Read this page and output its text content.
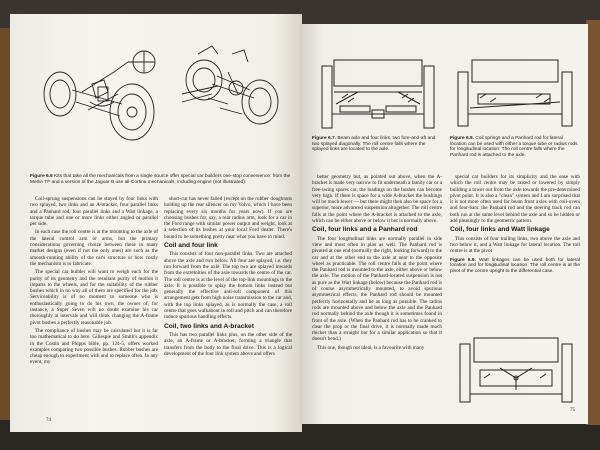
Figure 6.6 Kits that take all the mechanicals from a single source offer special car builders one-stop convenience: from the Merlin TF and a version of the Jaguar B use all-Cortina mechanicals, including engine (not illustrated).

Coil-sprung suspensions can be stayed by four links with two splayed, two links and an A-bracket, four parallel links and a Panhard rod, four parallel links and a Watt linkage, a torque tube and one or more links either angled or parallel per side.

In each case the roll centre is at the mounting to the axle of the lateral control arm or arms, but the primary considerations governing choice between these in many market designs (even if not the only ones) are such as the smooth-running ability of the car's structure or how costly the mechanism is to fabricate.

The special car builder will want to weigh each for the purity of its geometry and the resultant purity of motion it imparts to the wheels, and for the suitability of the rubber bushes which in no way all of them are specified for the job. Serviceability is of no moment to someone who is enthusiastically going to do his own, the owner of, for instance, a Super Seven will no doubt examine his car thoroughly at intervals and will think changing the A-frame pivot bushes a perfectly reasonable job.

The compliance of bushes may be calculated but it is far too mathematical to do here. Gillespie and Smith's appendix in the Costin and Phipps bible, pp. 124-5, offers worked examples comparing two possible bushes. Rubber bushes are cheap enough to experiment with and to replace often. In any event, my

short-cut has never failed (except on the rubber doughnuts holding up the rear silencer on my Volvo, which I have been replacing every six months for years now). If you are choosing bushes for, say, a rear radius arm, look for a car in the Ford range with similar power output and weight, look at a selection of its bushes at your local Ford dealer. There's bound to be something pretty near what you have in mind.

Coil and four link

This consists of four non-parallel links. Two are attached above the axle and two below. All four are splayed, i.e. they run forward from the axle. The top two are splayed inwards from the extremities of the axle towards the centre of the car. The roll centre is at the level of the top-link mountings to the axle. It is possible to splay the bottom links instead but generally the effective anti-roll component of this arrangement gets from high noise transmission to the car and, with the top links splayed, as is normally the case, a roll centre that goes walkabout in roll and pitch and can therefore induce spurious handling effects.

Coil, two links and A-bracket

This has two parallel links plus, on the other side of the axle, an A-frame or A-bracket, forming a triangle that transfers from the body to the final drive. This is a logical development of the four link system above and offers

74
Figure 6.7. Beam axle and four links, two fore-and-aft and two splayed diagonally. The roll centre falls where the splayed links are located to the axle.
Figure 6.8. Coil springs and a Panhard rod for lateral location can be used with either a torque tube or radius rods for longitudinal location. The roll centre falls where the Panhard rod is attached to the axle.

better geometry but, as pointed out above, when the A-bracket is made very narrow to fit underneath a family car or a free-swing spares car, the loadings on the bushes can become very high. If there is space for a wide A-bracket the bushings will be much lower — but there might then also be space for a superior, more advanced suspension altogether. The roll centre falls at the point where the A-bracket is attached to the axle, which can be either above or below it but is normally above.

Coil, four links and a Panhard rod

The four longitudinal links are normally parallel in side view and most often in plan as well. The Panhard rod is pivoted at one end (normally the right, looking forward) to the car and at the other end to the axle at near to the opposite wheel as practicable. The roll centre falls at the point where the Panhard rod is mounted to the axle, either above or below the axle. The motion of the Panhard-located suspension is not as pure as the Watt linkage (below) because the Panhard rod is of course asymmetrically mounted, to avoid spurious asymmetrical effects, the Panhard rod should be mounted perfectly horizontally and be as long as possible. The radius rods are mounted above and below the axle and the Panhard rod normally behind the axle though it is sometimes found in front of the axle. (When the Panhard rod has to be cranked to clear the prop or the final drive, it is normally made much thicker than a straight bar for a similar application so that it doesn't bend.)

This one, though not ideal, is a favourite with many

special car builders for its simplicity and the ease with which the roll centre may be raised or lowered by simply building a tower out from the axle towards the pre-determined pivot point. It is also a "clean" system and I am surprised that it is not more often used for beam front axles with coil-overs and four-bars: the Panhard rod and the steering track rod can both run at the same level behind the axle and so be hidden or add pleasingly to the geometric pattern.

Coil, four links and Watt linkage

This consists of four trailing links, two above the axle and two below it, and a Watt linkage for lateral location. The roll centre is at the pivot

Figure 6.9. Watt linkages can be used both for lateral location and for longitudinal location. The roll centre is at the pivot of the centre upright to the differential case.
75
